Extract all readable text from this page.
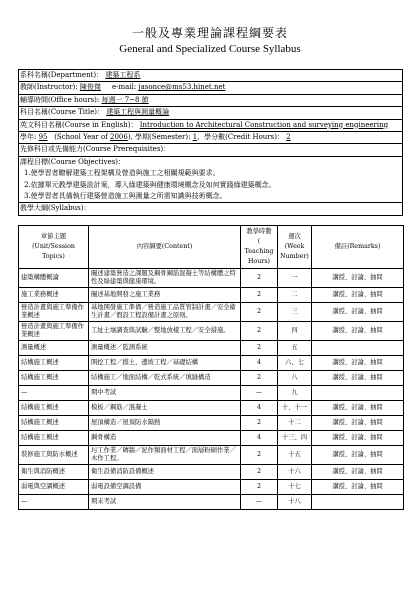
一般及專業理論課程綱要表
General and Specialized Course Syllabus
系科名稱(Department)： 建築工程系
教師(Instructor): 陳俊傑 e-mail: jasonce@ms53.hinet.net
輔導時間(Office hours): 每週一 7~8 節
科目名稱(Course Title)： 建築工程與測量概論
英文科目名稱(Course in English)： Introduction to Architectural Construction and surveying engineering
學年: 95 (School Year of 2006), 學期(Semester): 1、學分數(Credit Hours)： 2
先修科目或先備能力(Course Prerequisites)：
課程目標(Course Objectives)：
1.使學習者瞭解建築工程架構及營造與施工之相關規範與要求。
2.依據單元教學建築設計案，導入綠建築與健康環境概念及如何實踐綠建築概念。
3.使學習者具備執行建築營造施工與測量之所需知識與技術概念。
教學大綱(Syllabus)：
章節主題
(Unit/Session Topics)	內容綱要(Content)	教學時數
( Teaching
Hours)	週次
(Week
Number)	備註(Remarks)
建築構體概論	闡述建築營造之課題及鋼骨鋼筋混凝土等結構體之特性及綠建築與健康環境。	2	一	講授、討論、抽問
施工業務概述	闡述基地開發之施工業務	2	二	講授、討論、抽問
營造計畫與施工準備作業概述	基地開發施工準備／營造施工品質管制計畫／安全衛生計畫／假設工程設備計畫之原則。	2	三	講授、討論、抽問
營造計畫與施工準備作業概述	工址土壤調查與試驗／整地放樣工程／安全措施。	2	四	講授、討論、抽問
測量概述	測量概述／監測系統	2	五	
結構施工概述	開挖工程／擋土、邊坡工程／基礎結構	4	六、七	講授、討論、抽問
結構施工概述	結構施工／地面結構／乾式系統／填縫構造	2	八	講授、討論、抽問
—	期中考試	—	九	
結構施工概述	模板／鋼筋／混凝土	4	十、十一	講授、討論、抽問
結構施工概述	屋頂構造／屋頂防水隔熱	2	十二	講授、討論、抽問
結構施工概述	鋼骨構造	4	十三、四	講授、討論、抽問
裝修施工與防水概述	圬工作業／磚牆／泥作類面材工程／面層粉刷作業／木作工程。	2	十五	講授、討論、抽問
衛生與消防概述	衛生設備消防設備概述	2	十六	講授、討論、抽問
弱電與空調概述	弱電設備空調設備	2	十七	講授、討論、抽問
—	期末考試	—	十八	
